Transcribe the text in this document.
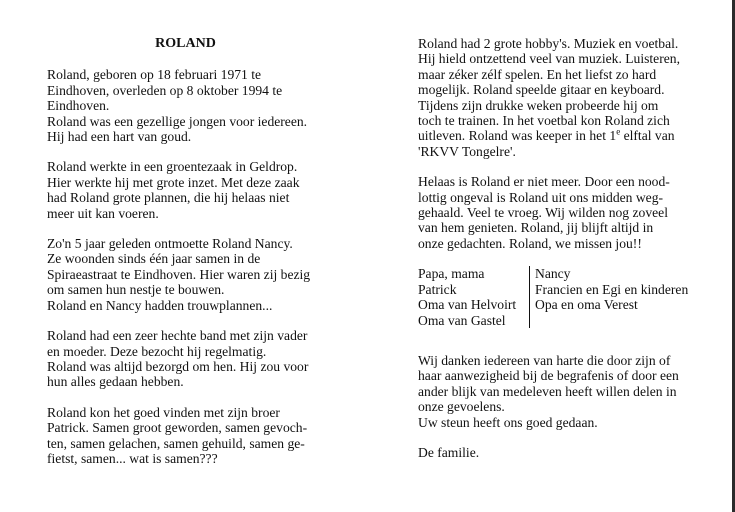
ROLAND
Roland, geboren op 18 februari 1971 te
Eindhoven, overleden op 8 oktober 1994 te
Eindhoven.
Roland was een gezellige jongen voor iedereen.
Hij had een hart van goud.
Roland werkte in een groentezaak in Geldrop.
Hier werkte hij met grote inzet. Met deze zaak
had Roland grote plannen, die hij helaas niet
meer uit kan voeren.
Zo'n 5 jaar geleden ontmoette Roland Nancy.
Ze woonden sinds één jaar samen in de
Spiraeastraat te Eindhoven. Hier waren zij bezig
om samen hun nestje te bouwen.
Roland en Nancy hadden trouwplannen...
Roland had een zeer hechte band met zijn vader
en moeder. Deze bezocht hij regelmatig.
Roland was altijd bezorgd om hen. Hij zou voor
hun alles gedaan hebben.
Roland kon het goed vinden met zijn broer
Patrick. Samen groot geworden, samen gevoch-
ten, samen gelachen, samen gehuild, samen ge-
fietst, samen... wat is samen???
Roland had 2 grote hobby's. Muziek en voetbal.
Hij hield ontzettend veel van muziek. Luisteren,
maar zéker zélf spelen. En het liefst zo hard
mogelijk. Roland speelde gitaar en keyboard.
Tijdens zijn drukke weken probeerde hij om
toch te trainen. In het voetbal kon Roland zich
uitleven. Roland was keeper in het 1e elftal van
'RKVV Tongelre'.
Helaas is Roland er niet meer. Door een nood-
lottig ongeval is Roland uit ons midden weg-
gehaald. Veel te vroeg. Wij wilden nog zoveel
van hem genieten. Roland, jij blijft altijd in
onze gedachten. Roland, we missen jou!!
Papa, mama
Patrick
Oma van Helvoirt
Oma van Gastel
Nancy
Francien en Egi en kinderen
Opa en oma Verest
Wij danken iedereen van harte die door zijn of
haar aanwezigheid bij de begrafenis of door een
ander blijk van medeleven heeft willen delen in
onze gevoelens.
Uw steun heeft ons goed gedaan.
De familie.
